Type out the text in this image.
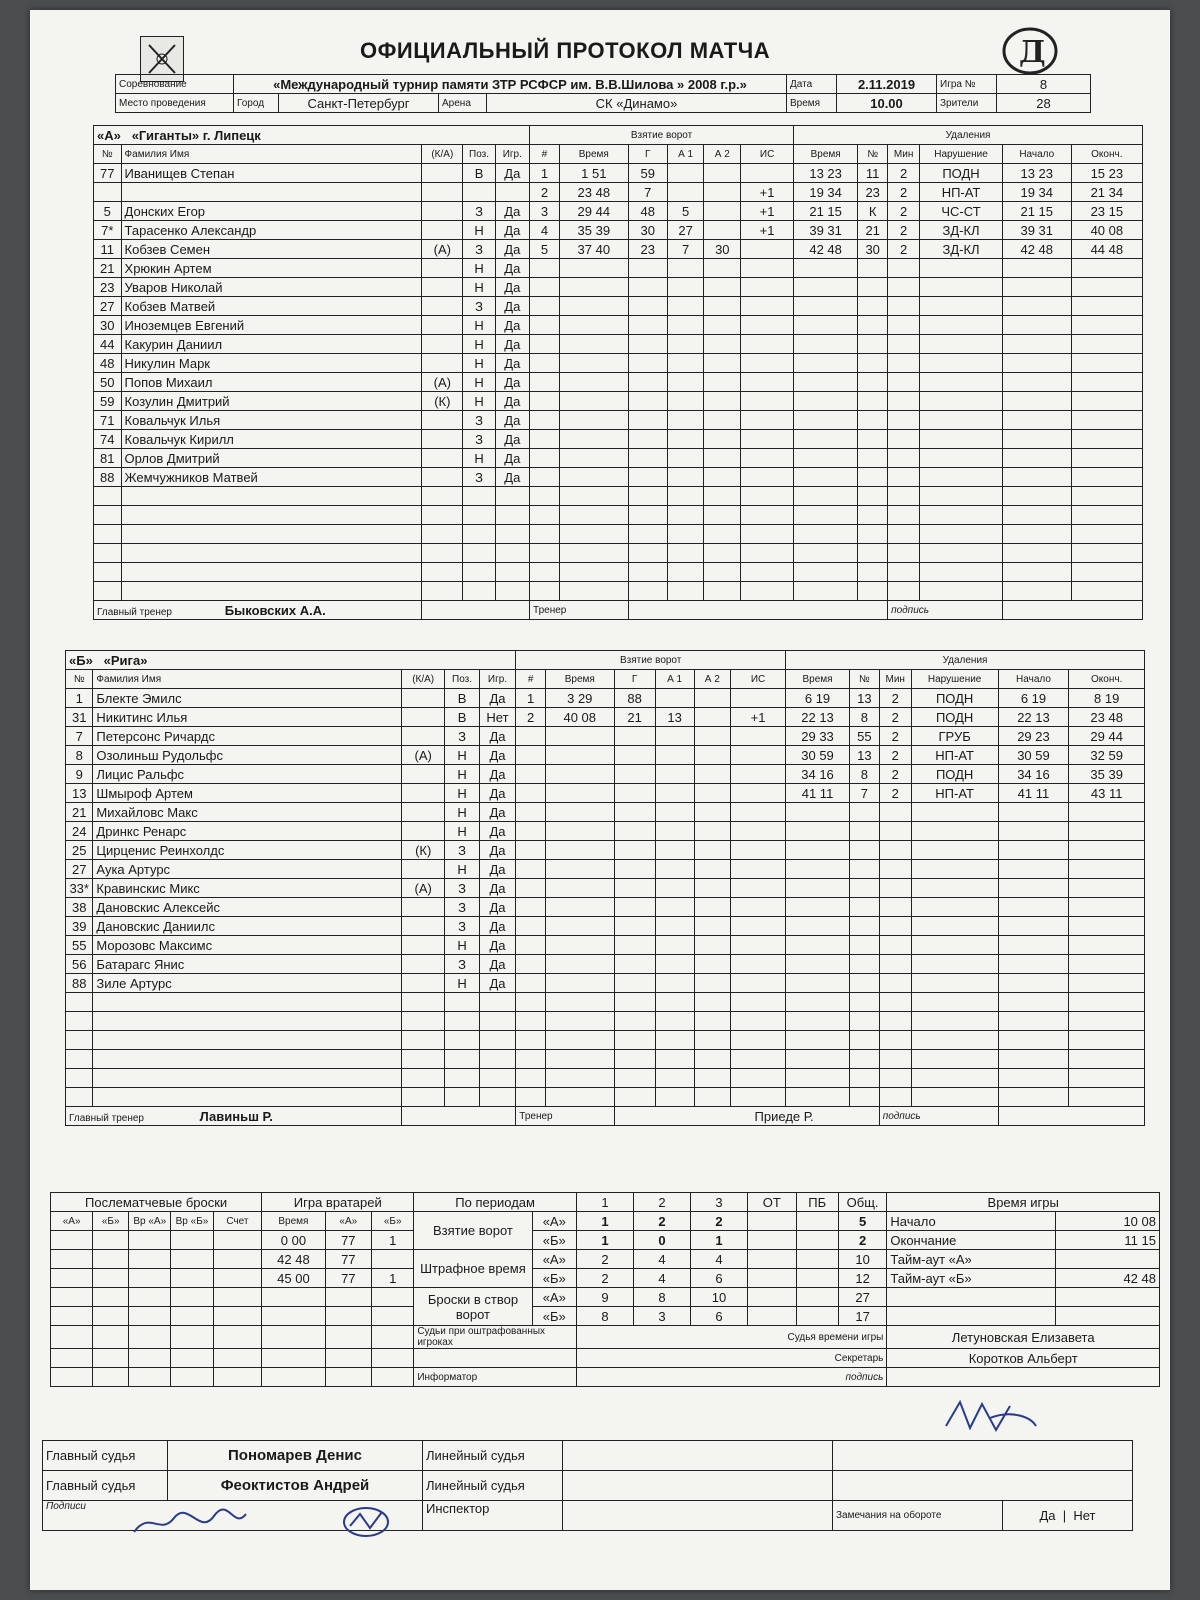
ОФИЦИАЛЬНЫЙ ПРОТОКОЛ МАТЧА	Д
Соревнование	«Международный турнир памяти ЗТР РСФСР им. В.В.Шилова » 2008 г.р.»				Дата	2.11.2019	Игра №	8
Место проведения	Город	Санкт-Петербург	Арена	СК «Динамо»	Время	10.00	Зрители	28
«А» «Гиганты» г. Липецк					Взятие ворот						Удаления					
№	Фамилия Имя	(К/А)	Поз.	Игр.	#	Время	Г	А 1	А 2	ИС	Время	№	Мин	Нарушение	Начало	Оконч.
77	Иванищев Степан		В	Да	1	1 51	59				13 23	11	2	ПОДН	13 23	15 23
					2	23 48	7			+1	19 34	23	2	НП-АТ	19 34	21 34
5	Донских Егор		З	Да	3	29 44	48	5		+1	21 15	К	2	ЧС-СТ	21 15	23 15
7*	Тарасенко Александр		Н	Да	4	35 39	30	27		+1	39 31	21	2	ЗД-КЛ	39 31	40 08
11	Кобзев Семен	(А)	З	Да	5	37 40	23	7	30		42 48	30	2	ЗД-КЛ	42 48	44 48
21	Хрюкин Артем		Н	Да												
23	Уваров Николай		Н	Да												
27	Кобзев Матвей		З	Да												
30	Иноземцев Евгений		Н	Да												
44	Какурин Даниил		Н	Да												
48	Никулин Марк		Н	Да												
50	Попов Михаил	(А)	Н	Да												
59	Козулин Дмитрий	(К)	Н	Да												
71	Ковальчук Илья		З	Да												
74	Ковальчук Кирилл		З	Да												
81	Орлов Дмитрий		Н	Да												
88	Жемчужников Матвей		З	Да												

Главный тренер Быковских А.А.					Тренер								подпись			
«Б» «Рига»					Взятие ворот						Удаления					
№	Фамилия Имя	(К/А)	Поз.	Игр.	#	Время	Г	А 1	А 2	ИС	Время	№	Мин	Нарушение	Начало	Оконч.
1	Блекте Эмилс		В	Да	1	3 29	88				6 19	13	2	ПОДН	6 19	8 19
31	Никитинс Илья		В	Нет	2	40 08	21	13		+1	22 13	8	2	ПОДН	22 13	23 48
7	Петерсонс Ричардс		З	Да							29 33	55	2	ГРУБ	29 23	29 44
8	Озолиньш Рудольфс	(А)	Н	Да							30 59	13	2	НП-АТ	30 59	32 59
9	Лицис Ральфс		Н	Да							34 16	8	2	ПОДН	34 16	35 39
13	Шмыроф Артем		Н	Да							41 11	7	2	НП-АТ	41 11	43 11
21	Михайловс Макс		Н	Да												
24	Дринкс Ренарс		Н	Да												
25	Цирценис Реинхолдс	(К)	З	Да												
27	Аука Артурс		Н	Да												
33*	Кравинскис Микс	(А)	З	Да												
38	Дановскис Алексейс		З	Да												
39	Дановскис Даниилс		З	Да												
55	Морозовс Максимс		Н	Да												
56	Батарагс Янис		З	Да												
88	Зиле Артурс		Н	Да												

Главный тренер Лавиньш Р.					Тренер		Приеде Р.						подпись			
Послематчевые броски					Игра вратарей			По периодам		1	2	3	ОТ	ПБ	Общ.	Время игры	
«А»	«Б»	Вр «А»	Вр «Б»	Счет	Время	«А»	«Б»	Взятие ворот	«А»	1	2	2			5	Начало	10 08
					0 00	77	1		«Б»	1	0	1			2	Окончание	11 15
					42 48	77		Штрафное время	«А»	2	4	4			10	Тайм-аут «А»	
					45 00	77	1		«Б»	2	4	6			12	Тайм-аут «Б»	42 48
								Броски в створ ворот	«А»	9	8	10			27		
									«Б»	8	3	6			17		
								Судьи при оштрафованных игроках		Судья времени игры						Летуновская Елизавета	
										Секретарь						Коротков Альберт	
								Информатор		подпись							
Главный судья	Пономарев Денис	Линейный судья			
Главный судья	Феоктистов Андрей	Линейный судья			
Подписи		Инспектор		Замечания на обороте	Да  |  Нет
